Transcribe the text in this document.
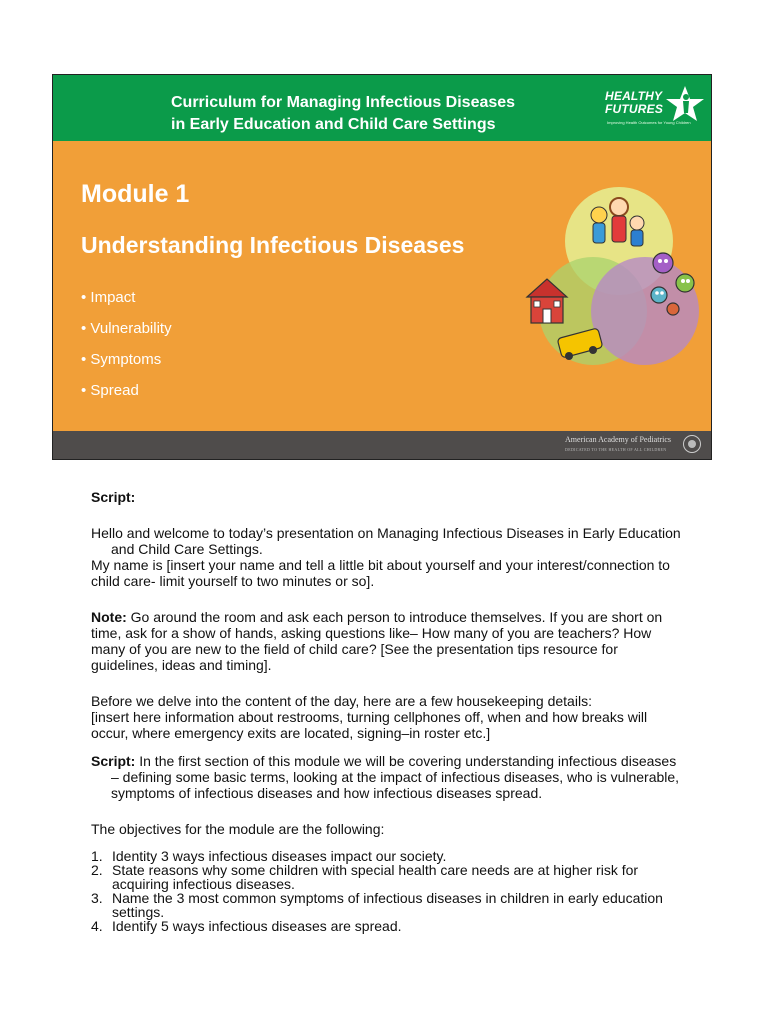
Curriculum for Managing Infectious Diseases
in Early Education and Child Care Settings
HEALTHY
FUTURES
Improving Health Outcomes for Young Children
Module 1
Understanding Infectious Diseases
• Impact
• Vulnerability
• Symptoms
• Spread
American Academy of Pediatrics
DEDICATED TO THE HEALTH OF ALL CHILDREN

Script:

Hello and welcome to today’s presentation on Managing Infectious Diseases in Early Education and Child Care Settings.

My name is [insert your name and tell a little bit about yourself and your interest/connection to child care- limit yourself to two minutes or so].

Note: Go around the room and ask each person to introduce themselves. If you are short on time, ask for a show of hands, asking questions like– How many of you are teachers? How many of you are new to the field of child care? [See the presentation tips resource for guidelines, ideas and timing].

Before we delve into the content of the day, here are a few housekeeping details:

[insert here information about restrooms, turning cellphones off, when and how breaks will occur, where emergency exits are located, signing–in roster etc.]

Script: In the first section of this module we will be covering understanding infectious diseases – defining some basic terms, looking at the impact of infectious diseases, who is vulnerable, symptoms of infectious diseases and how infectious diseases spread.

The objectives for the module are the following:

1. Identity 3 ways infectious diseases impact our society.
2. State reasons why some children with special health care needs are at higher risk for acquiring infectious diseases.
3. Name the 3 most common symptoms of infectious diseases in children in early education settings.
4. Identify 5 ways infectious diseases are spread.
